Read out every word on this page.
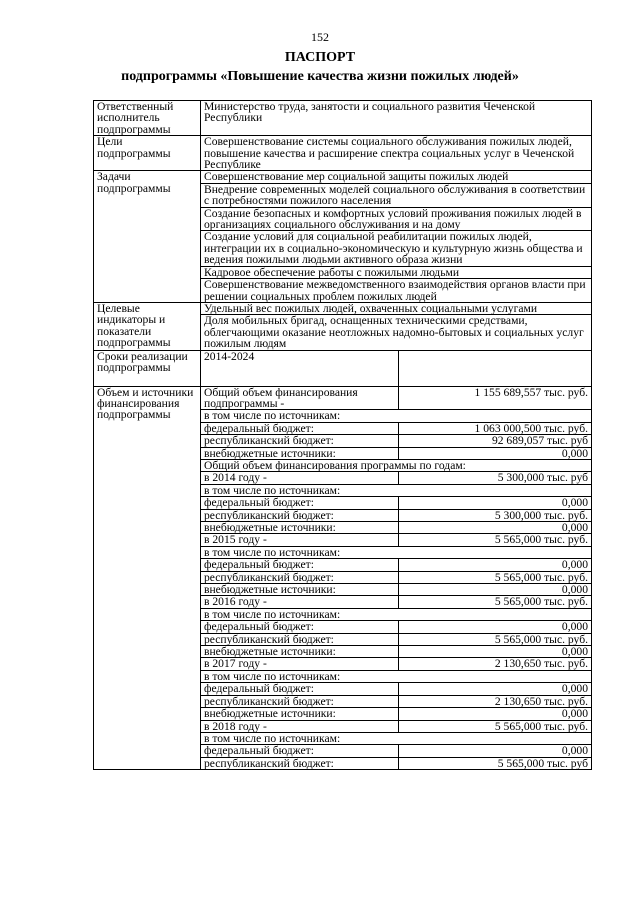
152
ПАСПОРТ
подпрограммы «Повышение качества жизни пожилых людей»
Ответственный исполнитель подпрограммы	Министерство труда, занятости и социального развития Чеченской Республики	
Цели подпрограммы	Совершенствование системы социального обслуживания пожилых людей, повышение качества и расширение спектра социальных услуг в Чеченской Республике	
Задачи подпрограммы	Совершенствование мер социальной защиты пожилых людей	
	Внедрение современных моделей социального обслуживания в соответствии с потребностями пожилого населения	
	Создание безопасных и комфортных условий проживания пожилых людей в организациях социального обслуживания и на дому	
	Создание условий для социальной реабилитации пожилых людей, интеграции их в социально-экономическую и культурную жизнь общества и ведения пожилыми людьми активного образа жизни	
	Кадровое обеспечение работы с пожилыми людьми	
	Совершенствование межведомственного взаимодействия органов власти при решении социальных проблем пожилых людей	
Целевые индикаторы и показатели подпрограммы	Удельный вес пожилых людей, охваченных социальными услугами	
	Доля мобильных бригад, оснащенных техническими средствами, облегчающими оказание неотложных надомно-бытовых и социальных услуг пожилым людям	
Сроки реализации подпрограммы	2014-2024	
Объем и источники финансирования подпрограммы	Общий объем финансирования подпрограммы -	1 155 689,557 тыс. руб.
	в том числе по источникам:	
	федеральный бюджет:	1 063 000,500 тыс. руб.
	республиканский бюджет:	92 689,057 тыс. руб
	внебюджетные источники:	0,000
	Общий объем финансирования программы по годам:	
	в 2014 году -	5 300,000 тыс. руб
	в том числе по источникам:	
	федеральный бюджет:	0,000
	республиканский бюджет:	5 300,000 тыс. руб.
	внебюджетные источники:	0,000
	в 2015 году -	5 565,000 тыс. руб.
	в том числе по источникам:	
	федеральный бюджет:	0,000
	республиканский бюджет:	5 565,000 тыс. руб.
	внебюджетные источники:	0,000
	в 2016 году -	5 565,000 тыс. руб.
	в том числе по источникам:	
	федеральный бюджет:	0,000
	республиканский бюджет:	5 565,000 тыс. руб.
	внебюджетные источники:	0,000
	в 2017 году -	2 130,650 тыс. руб.
	в том числе по источникам:	
	федеральный бюджет:	0,000
	республиканский бюджет:	2 130,650 тыс. руб.
	внебюджетные источники:	0,000
	в 2018 году -	5 565,000 тыс. руб.
	в том числе по источникам:	
	федеральный бюджет:	0,000
	республиканский бюджет:	5 565,000 тыс. руб
